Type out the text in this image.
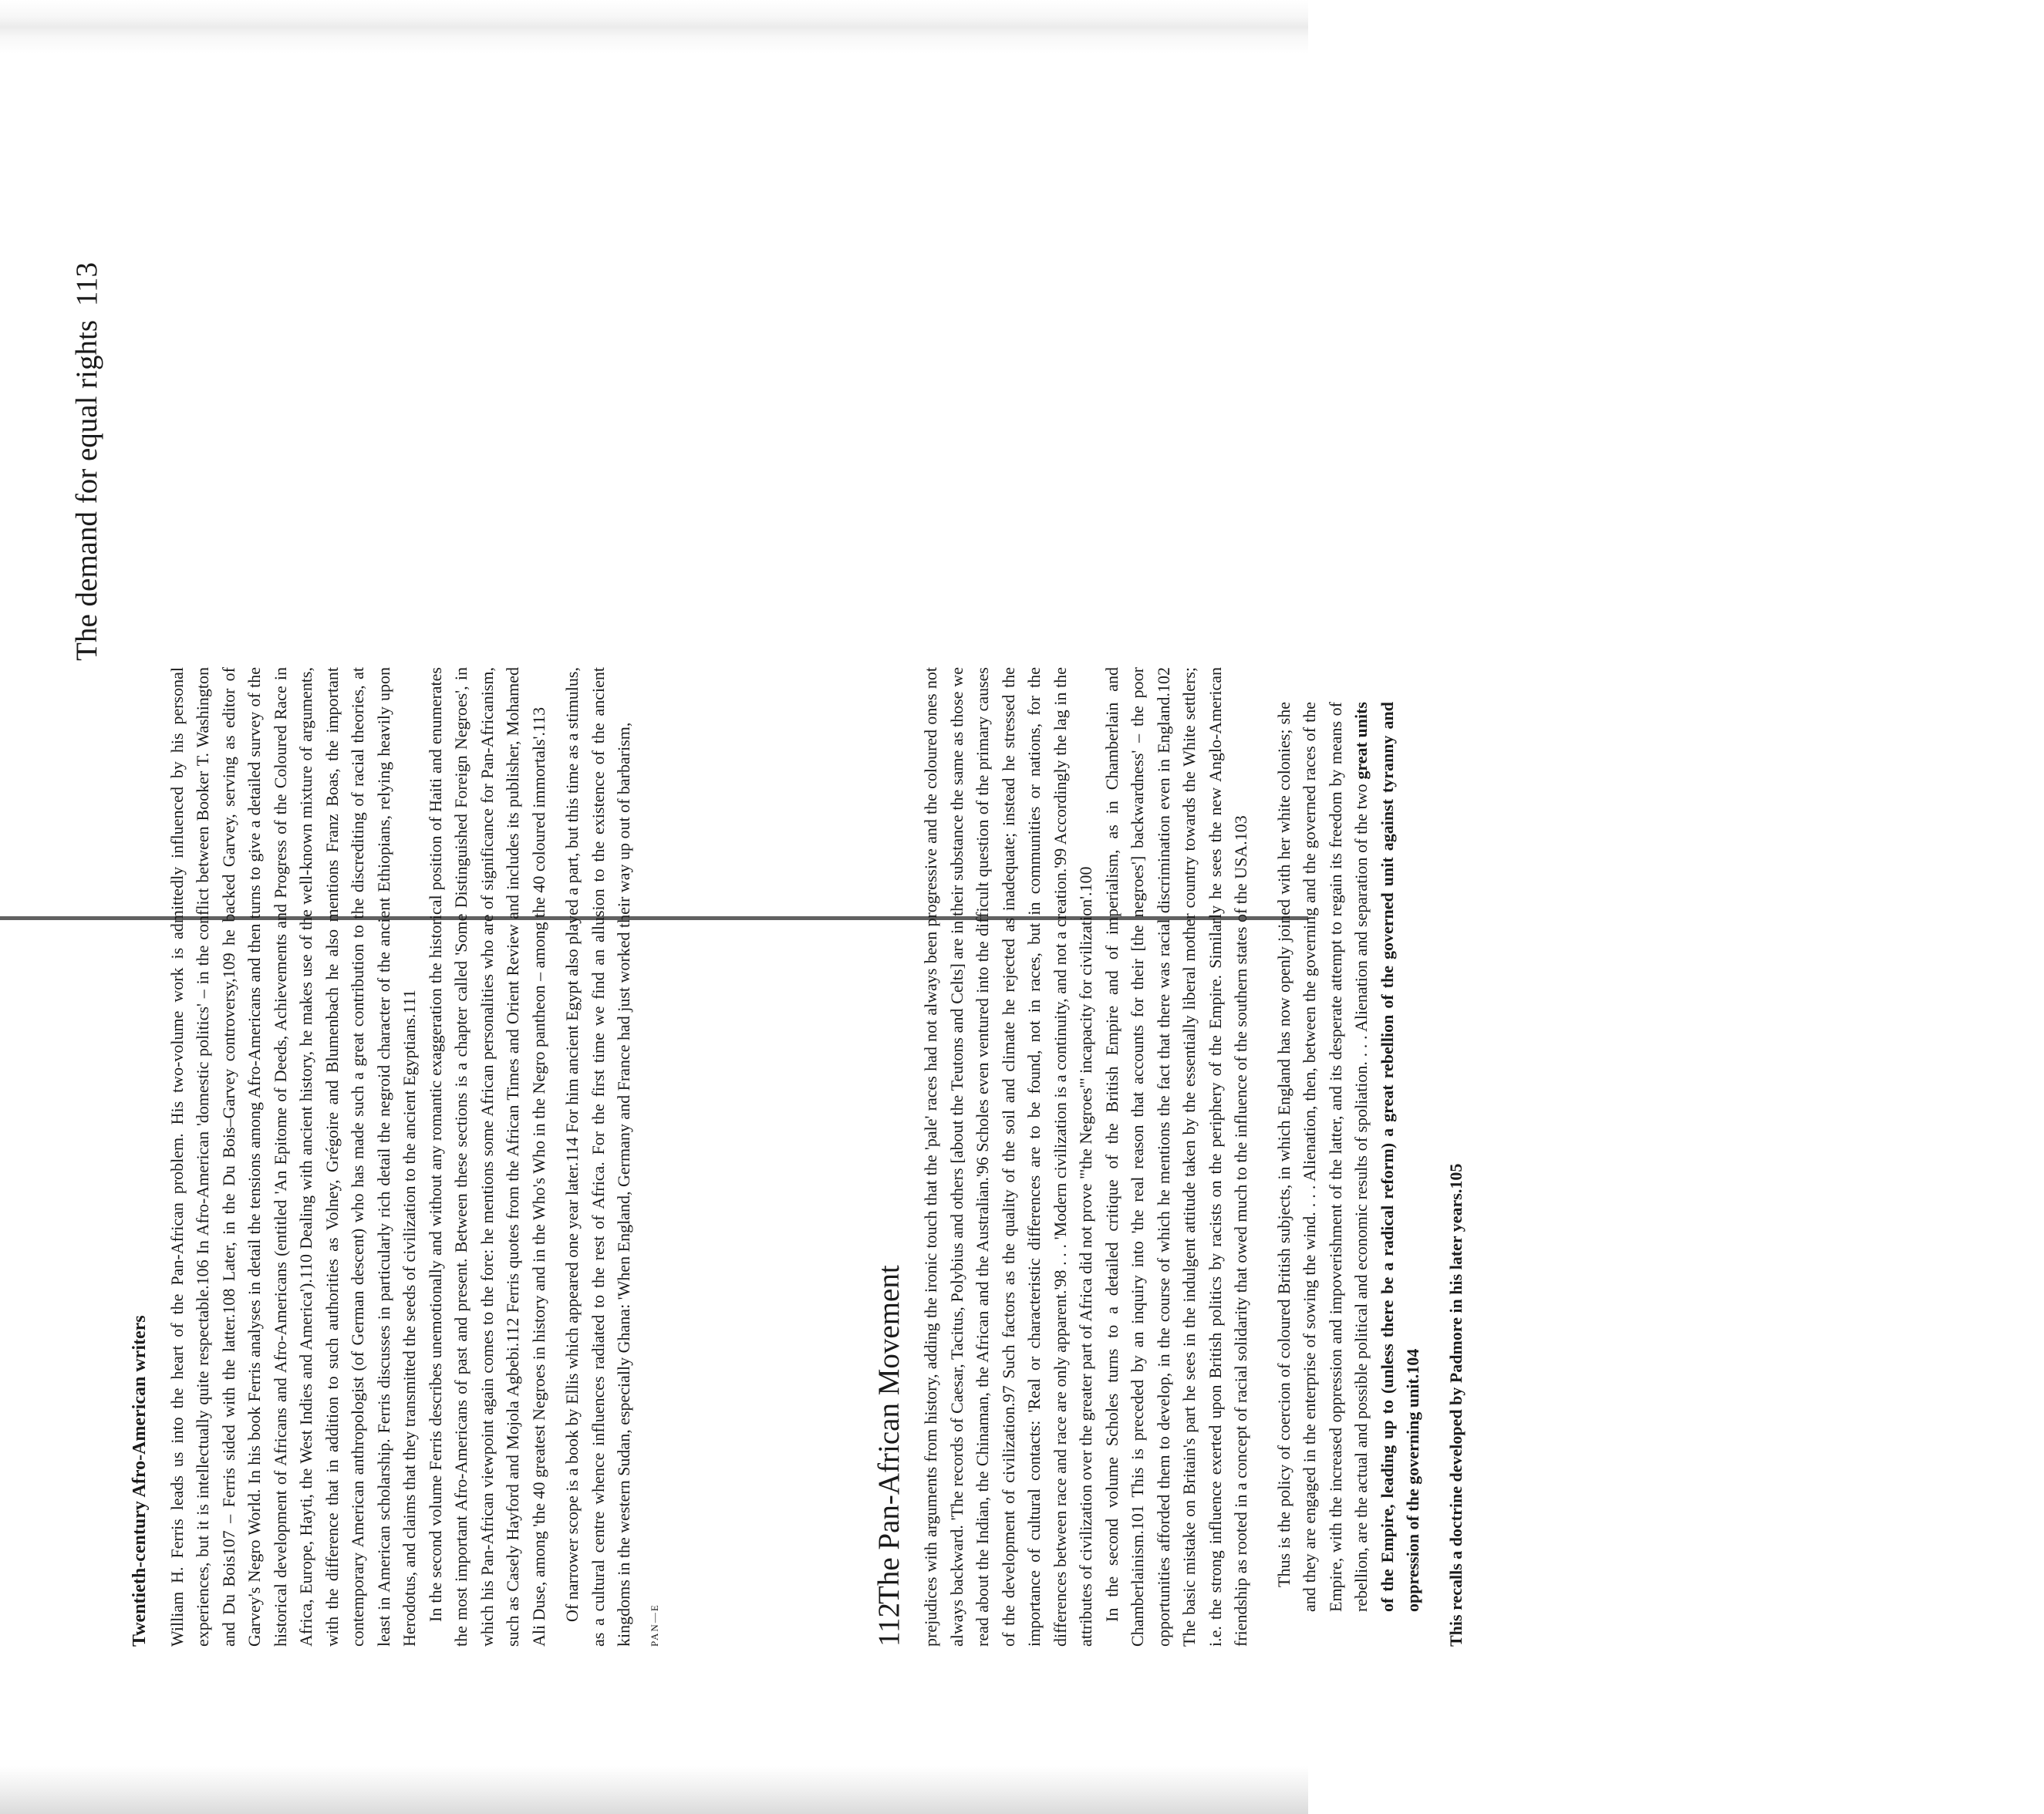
The demand for equal rights
113

Twentieth-century Afro-American writers William H. Ferris leads us into the heart of the Pan-African problem. His two-volume work is admittedly influenced by his personal experiences, but it is intellectually quite respectable.106 In Afro-American 'domestic politics' – in the conflict between Booker T. Washington and Du Bois107 – Ferris sided with the latter.108 Later, in the Du Bois–Garvey controversy,109 he backed Garvey, serving as editor of Garvey's Negro World. In his book Ferris analyses in detail the tensions among Afro-Americans and then turns to give a detailed survey of the historical development of Africans and Afro-Americans (entitled 'An Epitome of Deeds, Achievements and Progress of the Coloured Race in Africa, Europe, Hayti, the West Indies and America').110 Dealing with ancient history, he makes use of the well-known mixture of arguments, with the difference that in addition to such authorities as Volney, Grégoire and Blumenbach he also mentions Franz Boas, the important contemporary American anthropologist (of German descent) who has made such a great contribution to the discrediting of racial theories, at least in American scholarship. Ferris discusses in particularly rich detail the negroid character of the ancient Ethiopians, relying heavily upon Herodotus, and claims that they transmitted the seeds of civilization to the ancient Egyptians.111 In the second volume Ferris describes unemotionally and without any romantic exaggeration the historical position of Haiti and enumerates the most important Afro-Americans of past and present. Between these sections is a chapter called 'Some Distinguished Foreign Negroes', in which his Pan-African viewpoint again comes to the fore: he mentions some African personalities who are of significance for Pan-Africanism, such as Casely Hayford and Mojola Agbebi.112 Ferris quotes from the African Times and Orient Review and includes its publisher, Mohamed Ali Duse, among 'the 40 greatest Negroes in history and in the Who's Who in the Negro pantheon – among the 40 coloured immortals'.113 Of narrower scope is a book by Ellis which appeared one year later.114 For him ancient Egypt also played a part, but this time as a stimulus, as a cultural centre whence influences radiated to the rest of Africa. For the first time we find an allusion to the existence of the ancient kingdoms in the western Sudan, especially Ghana: 'When England, Germany and France had just worked their way up out of barbarism,	PAN—E	112
The Pan-African Movement prejudices with arguments from history, adding the ironic touch that the 'pale' races had not always been progressive and the coloured ones not always backward. 'The records of Caesar, Tacitus, Polybius and others [about the Teutons and Celts] are in their substance the same as those we read about the Indian, the Chinaman, the African and the Australian.'96 Scholes even ventured into the difficult question of the primary causes of the development of civilization.97 Such factors as the quality of the soil and climate he rejected as inadequate; instead he stressed the importance of cultural contacts: 'Real or characteristic differences are to be found, not in races, but in communities or nations, for the differences between race and race are only apparent.'98 . . . 'Modern civilization is a continuity, and not a creation.'99 Accordingly the lag in the attributes of civilization over the greater part of Africa did not prove "'the Negroes'" incapacity for civilization'.100 In the second volume Scholes turns to a detailed critique of the British Empire and of imperialism, as in Chamberlain and Chamberlainism.101 This is preceded by an inquiry into 'the real reason that accounts for their [the negroes'] backwardness' – the poor opportunities afforded them to develop, in the course of which he mentions the fact that there was racial discrimination even in England.102 The basic mistake on Britain's part he sees in the indulgent attitude taken by the essentially liberal mother country towards the White settlers; i.e. the strong influence exerted upon British politics by racists on the periphery of the Empire. Similarly he sees the new Anglo-American friendship as rooted in a concept of racial solidarity that owed much to the influence of the southern states of the USA.103 Thus is the policy of coercion of coloured British subjects, in which England has now openly joined with her white colonies; she and they are engaged in the enterprise of sowing the wind. . . . Alienation, then, between the governing and the governed races of the Empire, with the increased oppression and impoverishment of the latter, and its desperate attempt to regain its freedom by means of rebellion, are the actual and possible political and economic results of spoliation. . . . Alienation and separation of the two great units of the Empire, leading up to (unless there be a radical reform) a great rebellion of the governed unit against tyranny and oppression of the governing unit.104 This recalls a doctrine developed by Padmore in his later years.105
